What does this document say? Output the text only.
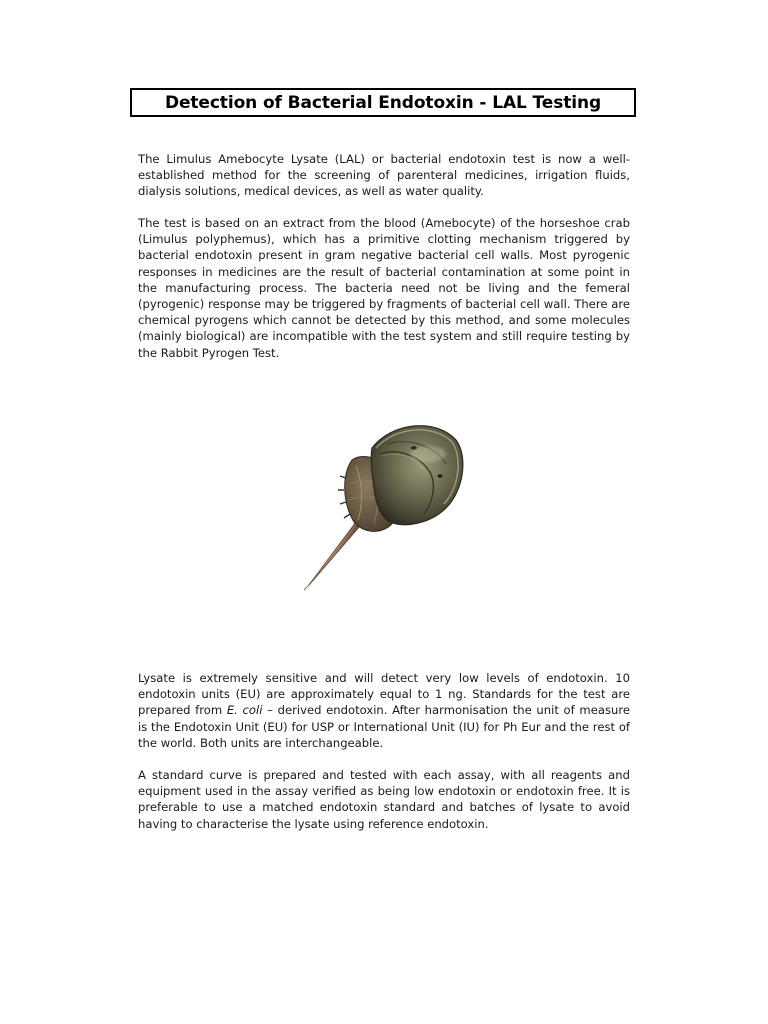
Detection of Bacterial Endotoxin - LAL Testing

The Limulus Amebocyte Lysate (LAL) or bacterial endotoxin test is now a well-established method for the screening of parenteral medicines, irrigation fluids, dialysis solutions, medical devices, as well as water quality.

The test is based on an extract from the blood (Amebocyte) of the horseshoe crab (Limulus polyphemus), which has a primitive clotting mechanism triggered by bacterial endotoxin present in gram negative bacterial cell walls. Most pyrogenic responses in medicines are the result of bacterial contamination at some point in the manufacturing process. The bacteria need not be living and the femeral (pyrogenic) response may be triggered by fragments of bacterial cell wall. There are chemical pyrogens which cannot be detected by this method, and some molecules (mainly biological) are incompatible with the test system and still require testing by the Rabbit Pyrogen Test.

Lysate is extremely sensitive and will detect very low levels of endotoxin. 10 endotoxin units (EU) are approximately equal to 1 ng. Standards for the test are prepared from E. coli – derived endotoxin. After harmonisation the unit of measure is the Endotoxin Unit (EU) for USP or International Unit (IU) for Ph Eur and the rest of the world. Both units are interchangeable.

A standard curve is prepared and tested with each assay, with all reagents and equipment used in the assay verified as being low endotoxin or endotoxin free. It is preferable to use a matched endotoxin standard and batches of lysate to avoid having to characterise the lysate using reference endotoxin.
